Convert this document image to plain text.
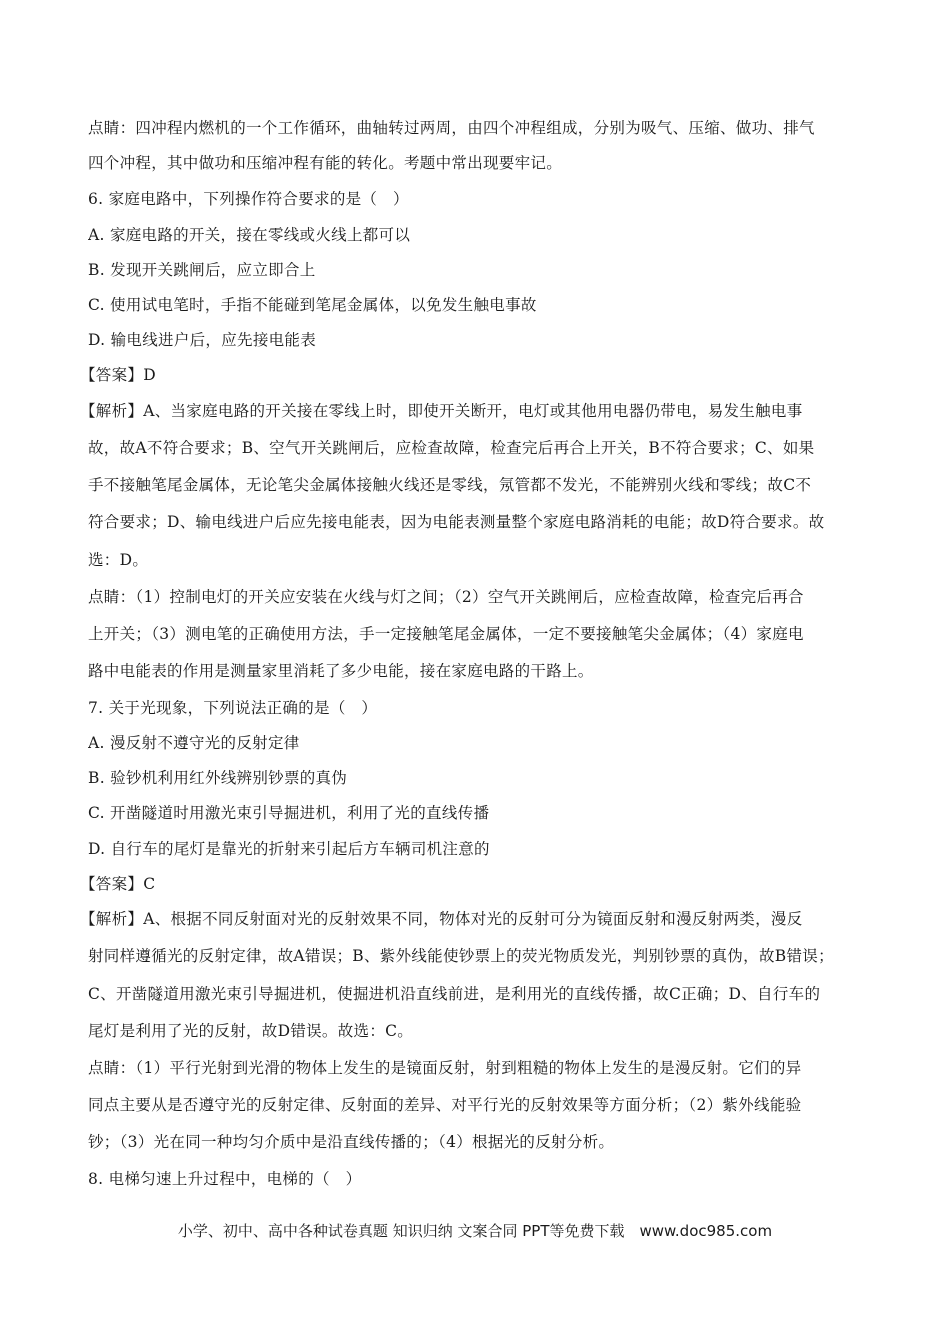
点睛：四冲程内燃机的一个工作循环，曲轴转过两周，由四个冲程组成，分别为吸气、压缩、做功、排气
四个冲程，其中做功和压缩冲程有能的转化。考题中常出现要牢记。
6. 家庭电路中，下列操作符合要求的是（　）
A. 家庭电路的开关，接在零线或火线上都可以
B. 发现开关跳闸后，应立即合上
C. 使用试电笔时，手指不能碰到笔尾金属体，以免发生触电事故
D. 输电线进户后，应先接电能表
【答案】D
【解析】A、当家庭电路的开关接在零线上时，即使开关断开，电灯或其他用电器仍带电，易发生触电事
故，故A不符合要求；B、空气开关跳闸后，应检查故障，检查完后再合上开关，B不符合要求；C、如果
手不接触笔尾金属体，无论笔尖金属体接触火线还是零线，氖管都不发光，不能辨别火线和零线；故C不
符合要求；D、输电线进户后应先接电能表，因为电能表测量整个家庭电路消耗的电能；故D符合要求。故
选：D。
点睛：（1）控制电灯的开关应安装在火线与灯之间；（2）空气开关跳闸后，应检查故障，检查完后再合
上开关；（3）测电笔的正确使用方法，手一定接触笔尾金属体，一定不要接触笔尖金属体；（4）家庭电
路中电能表的作用是测量家里消耗了多少电能，接在家庭电路的干路上。
7. 关于光现象，下列说法正确的是（　）
A. 漫反射不遵守光的反射定律
B. 验钞机利用红外线辨别钞票的真伪
C. 开凿隧道时用激光束引导掘进机，利用了光的直线传播
D. 自行车的尾灯是靠光的折射来引起后方车辆司机注意的
【答案】C
【解析】A、根据不同反射面对光的反射效果不同，物体对光的反射可分为镜面反射和漫反射两类，漫反
射同样遵循光的反射定律，故A错误；B、紫外线能使钞票上的荧光物质发光，判别钞票的真伪，故B错误；
C、开凿隧道用激光束引导掘进机，使掘进机沿直线前进，是利用光的直线传播，故C正确；D、自行车的
尾灯是利用了光的反射，故D错误。故选：C。
点睛：（1）平行光射到光滑的物体上发生的是镜面反射，射到粗糙的物体上发生的是漫反射。它们的异
同点主要从是否遵守光的反射定律、反射面的差异、对平行光的反射效果等方面分析；（2）紫外线能验
钞；（3）光在同一种均匀介质中是沿直线传播的；（4）根据光的反射分析。
8. 电梯匀速上升过程中，电梯的（　）
小学、初中、高中各种试卷真题 知识归纳 文案合同 PPT等免费下载　www.doc985.com
